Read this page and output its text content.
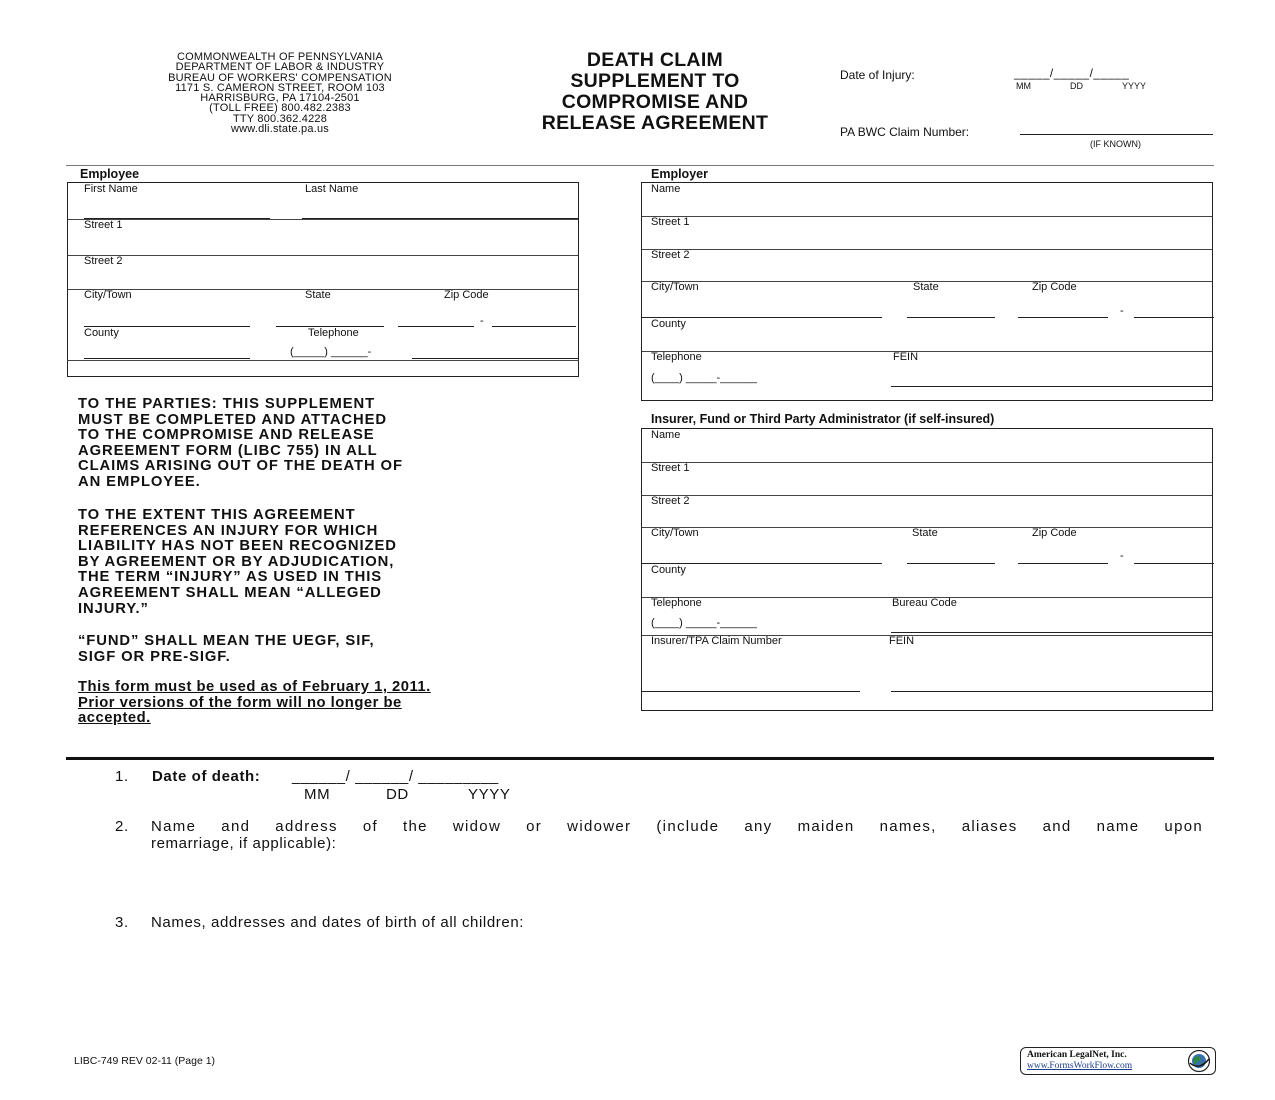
COMMONWEALTH OF PENNSYLVANIA
DEPARTMENT OF LABOR & INDUSTRY
BUREAU OF WORKERS' COMPENSATION
1171 S. CAMERON STREET, ROOM 103
HARRISBURG, PA 17104-2501
(TOLL FREE) 800.482.2383
TTY 800.362.4228
www.dli.state.pa.us
DEATH CLAIM
SUPPLEMENT TO
COMPROMISE AND
RELEASE AGREEMENT
Date of Injury:	_____/_____/_____
MM	DD	YYYY
PA BWC Claim Number:
(IF KNOWN)
Employee
First Name	Last Name
Street 1
Street 2
City/Town	State	Zip Code
-
County	Telephone
(_____) ______-
Employer
Name
Street 1
Street 2
City/Town	State	Zip Code
-
County
Telephone	FEIN
(____) _____-______
TO THE PARTIES: THIS SUPPLEMENT
MUST BE COMPLETED AND ATTACHED
TO THE COMPROMISE AND RELEASE
AGREEMENT FORM (LIBC 755) IN ALL
CLAIMS ARISING OUT OF THE DEATH OF
AN EMPLOYEE.
TO THE EXTENT THIS AGREEMENT
REFERENCES AN INJURY FOR WHICH
LIABILITY HAS NOT BEEN RECOGNIZED
BY AGREEMENT OR BY ADJUDICATION,
THE TERM “INJURY” AS USED IN THIS
AGREEMENT SHALL MEAN “ALLEGED
INJURY.”
“FUND” SHALL MEAN THE UEGF, SIF,
SIGF OR PRE-SIGF.
This form must be used as of February 1, 2011.
Prior versions of the form will no longer be
accepted.
Insurer, Fund or Third Party Administrator (if self-insured)
Name
Street 1
Street 2
City/Town	State	Zip Code
-
County
Telephone	Bureau Code
(____) _____-______
Insurer/TPA Claim Number	FEIN
1. Date of death: ______/ ______/ _________
MM	DD	YYYY
2. Name and address of the widow or widower (include any maiden names, aliases and name upon
remarriage, if applicable):
3. Names, addresses and dates of birth of all children:
LIBC-749 REV 02-11 (Page 1)	American LegalNet, Inc.
www.FormsWorkFlow.com
